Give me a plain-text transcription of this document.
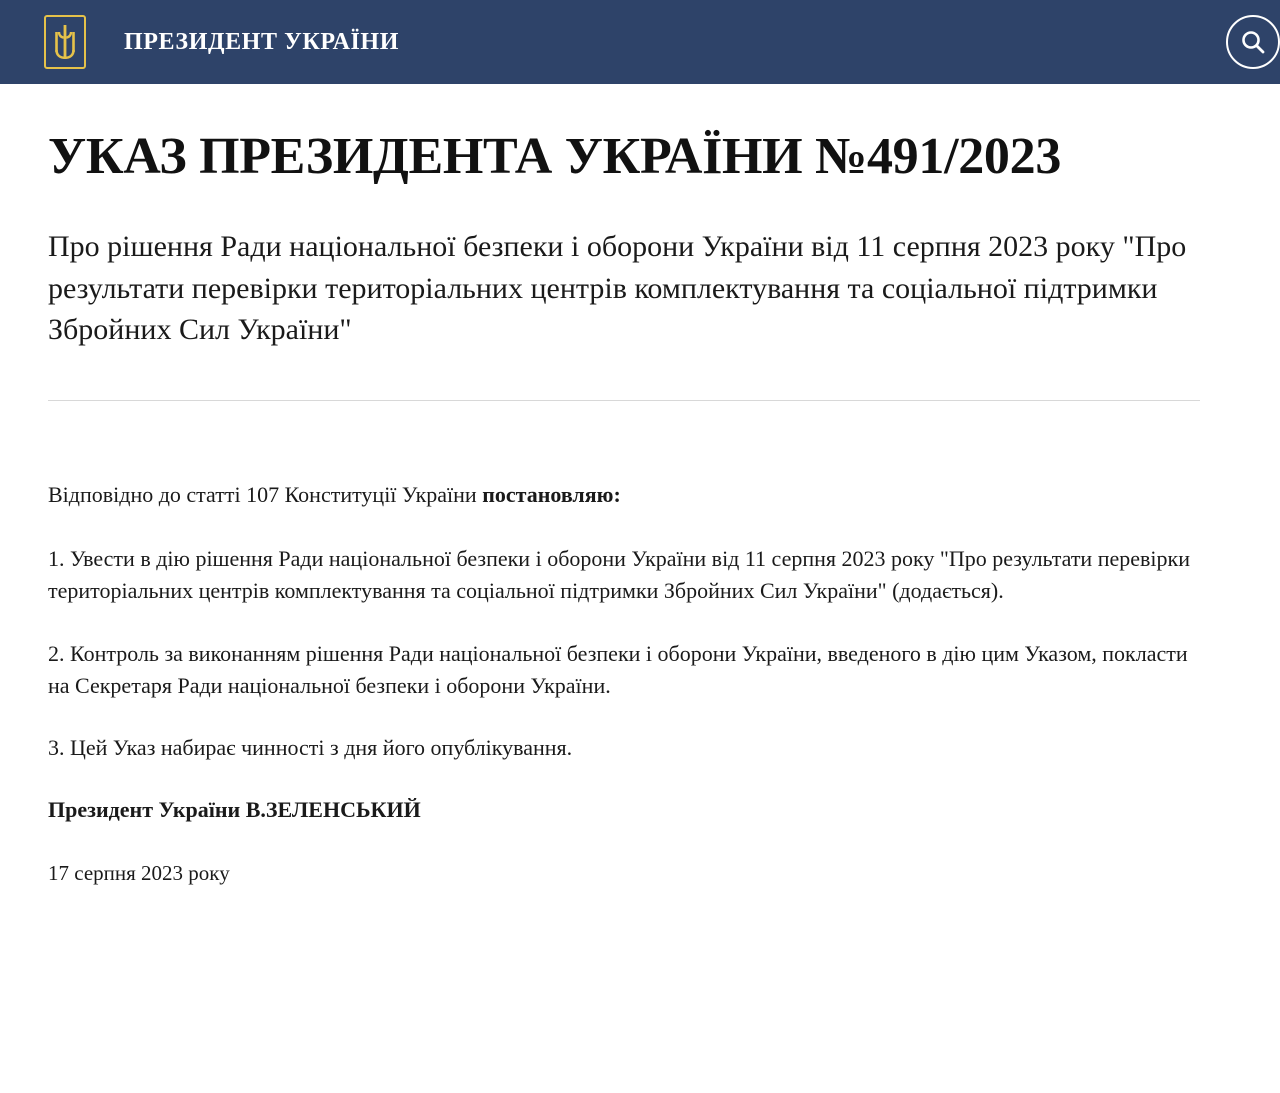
ПРЕЗИДЕНТ УКРАЇНИ
УКАЗ ПРЕЗИДЕНТА УКРАЇНИ №491/2023
Про рішення Ради національної безпеки і оборони України від 11 серпня 2023 року "Про результати перевірки територіальних центрів комплектування та соціальної підтримки Збройних Сил України"

Відповідно до статті 107 Конституції України постановляю:

1. Увести в дію рішення Ради національної безпеки і оборони України від 11 серпня 2023 року "Про результати перевірки територіальних центрів комплектування та соціальної підтримки Збройних Сил України" (додається).

2. Контроль за виконанням рішення Ради національної безпеки і оборони України, введеного в дію цим Указом, покласти на Секретаря Ради національної безпеки і оборони України.

3. Цей Указ набирає чинності з дня його опублікування.

Президент України В.ЗЕЛЕНСЬКИЙ

17 серпня 2023 року
